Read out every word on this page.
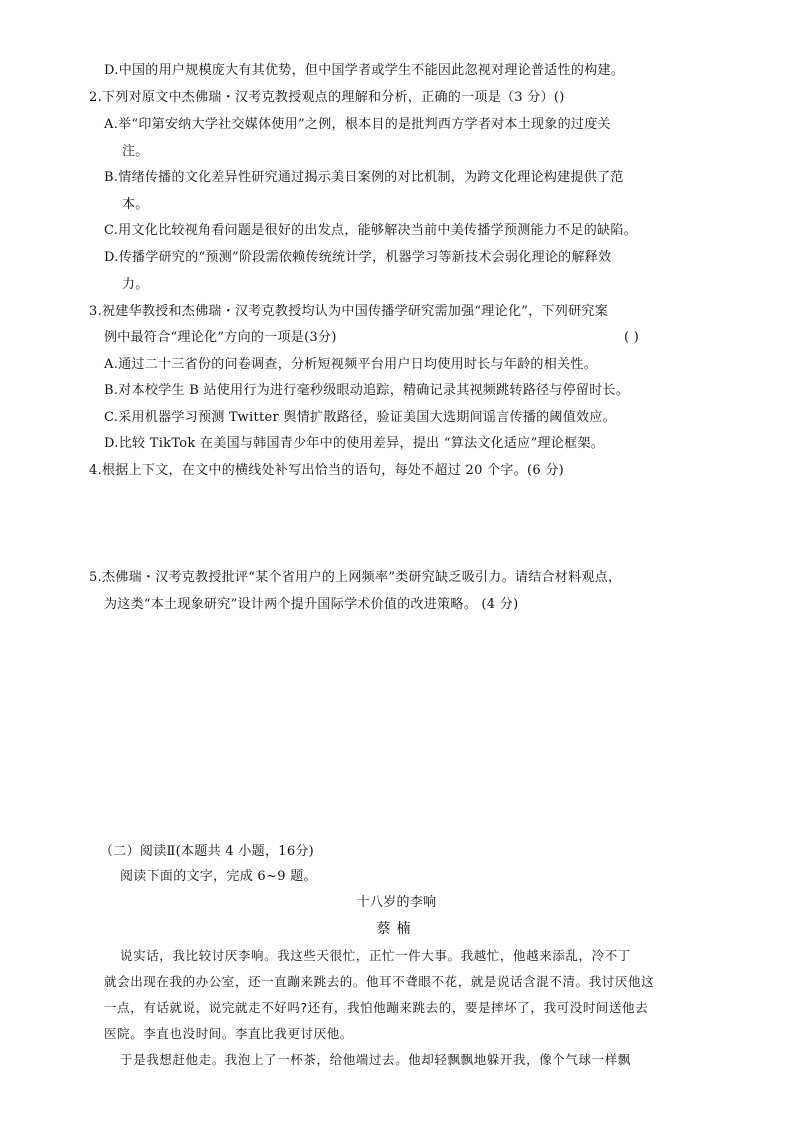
D.中国的用户规模庞大有其优势，但中国学者或学生不能因此忽视对理论普适性的构建。
2.下列对原文中杰佛瑞・汉考克教授观点的理解和分析，正确的一项是（3 分）()
A.举“印第安纳大学社交媒体使用”之例，根本目的是批判西方学者对本土现象的过度关
注。
B.情绪传播的文化差异性研究通过揭示美日案例的对比机制，为跨文化理论构建提供了范
本。
C.用文化比较视角看问题是很好的出发点，能够解决当前中美传播学预测能力不足的缺陷。
D.传播学研究的“预测”阶段需依赖传统统计学，机器学习等新技术会弱化理论的解释效
力。
3.祝建华教授和杰佛瑞・汉考克教授均认为中国传播学研究需加强“理论化”，下列研究案
例中最符合“理论化”方向的一项是(3分)	( )
A.通过二十三省份的问卷调查，分析短视频平台用户日均使用时长与年龄的相关性。
B.对本校学生 B 站使用行为进行毫秒级眼动追踪，精确记录其视频跳转路径与停留时长。
C.采用机器学习预测 Twitter 舆情扩散路径，验证美国大选期间谣言传播的阈值效应。
D.比较 TikTok 在美国与韩国青少年中的使用差异，提出 “算法文化适应”理论框架。
4.根据上下文，在文中的横线处补写出恰当的语句，每处不超过 20 个字。(6 分)
5.杰佛瑞・汉考克教授批评“某个省用户的上网频率”类研究缺乏吸引力。请结合材料观点，
为这类“本土现象研究”设计两个提升国际学术价值的改进策略。 (4 分)
（二）阅读Ⅱ(本题共 4 小题，16分)
阅读下面的文字，完成 6~9 题。
十八岁的李响
蔡楠
说实话，我比较讨厌李响。我这些天很忙，正忙一件大事。我越忙，他越来添乱，冷不丁
就会出现在我的办公室，还一直蹦来跳去的。他耳不聋眼不花，就是说话含混不清。我讨厌他这
一点，有话就说，说完就走不好吗?还有，我怕他蹦来跳去的，要是摔坏了，我可没时间送他去
医院。李直也没时间。李直比我更讨厌他。
于是我想赶他走。我泡上了一杯茶，给他端过去。他却轻飘飘地躲开我，像个气球一样飘
